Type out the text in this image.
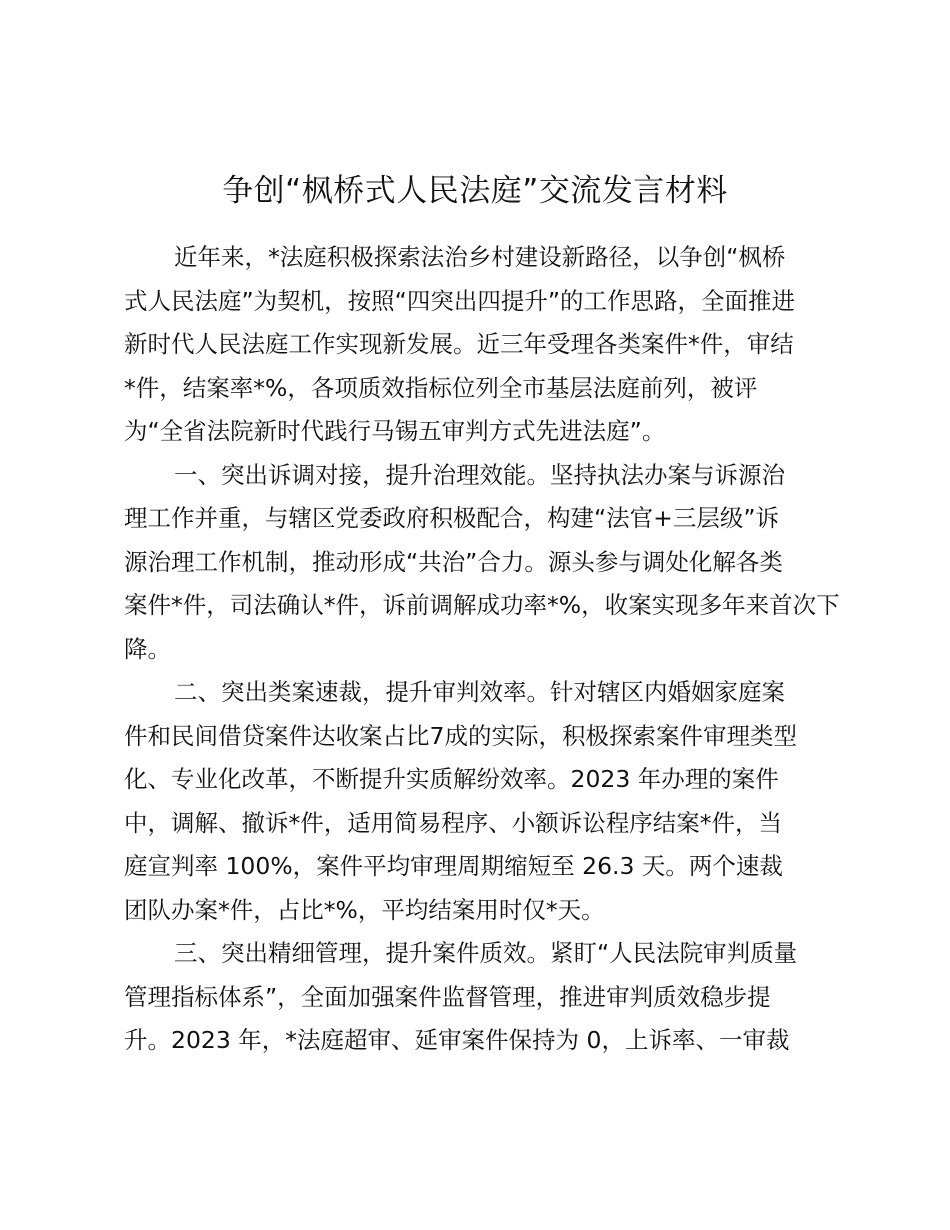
争创“枫桥式人民法庭”交流发言材料
近年来，*法庭积极探索法治乡村建设新路径，以争创“枫桥
式人民法庭”为契机，按照“四突出四提升”的工作思路，全面推进
新时代人民法庭工作实现新发展。近三年受理各类案件*件，审结
*件，结案率*%，各项质效指标位列全市基层法庭前列，被评
为“全省法院新时代践行马锡五审判方式先进法庭”。
一、突出诉调对接，提升治理效能。坚持执法办案与诉源治
理工作并重，与辖区党委政府积极配合，构建“法官+三层级”诉
源治理工作机制，推动形成“共治”合力。源头参与调处化解各类
案件*件，司法确认*件，诉前调解成功率*%，收案实现多年来首次下
降。
二、突出类案速裁，提升审判效率。针对辖区内婚姻家庭案
件和民间借贷案件达收案占比7成的实际，积极探索案件审理类型
化、专业化改革，不断提升实质解纷效率。2023 年办理的案件
中，调解、撤诉*件，适用简易程序、小额诉讼程序结案*件，当
庭宣判率 100%，案件平均审理周期缩短至 26.3 天。两个速裁
团队办案*件，占比*%，平均结案用时仅*天。
三、突出精细管理，提升案件质效。紧盯“人民法院审判质量
管理指标体系”，全面加强案件监督管理，推进审判质效稳步提
升。2023 年，*法庭超审、延审案件保持为 0，上诉率、一审裁
